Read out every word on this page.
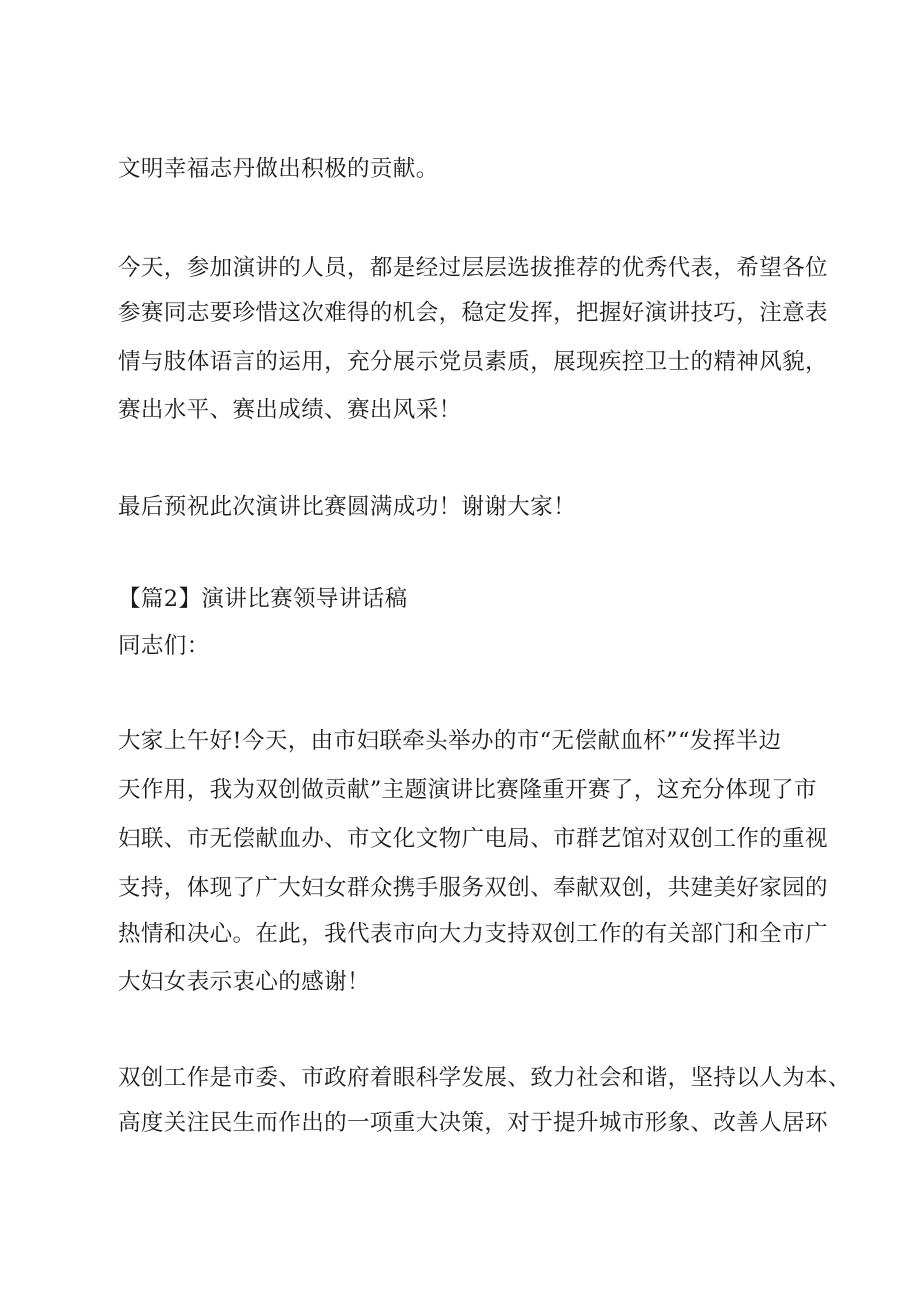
文明幸福志丹做出积极的贡献。
今天，参加演讲的人员，都是经过层层选拔推荐的优秀代表，希望各位
参赛同志要珍惜这次难得的机会，稳定发挥，把握好演讲技巧，注意表
情与肢体语言的运用，充分展示党员素质，展现疾控卫士的精神风貌，
赛出水平、赛出成绩、赛出风采！
最后预祝此次演讲比赛圆满成功！谢谢大家！
【篇2】演讲比赛领导讲话稿
同志们：
大家上午好!今天，由市妇联牵头举办的市“无偿献血杯”“发挥半边
天作用，我为双创做贡献”主题演讲比赛隆重开赛了，这充分体现了市
妇联、市无偿献血办、市文化文物广电局、市群艺馆对双创工作的重视
支持，体现了广大妇女群众携手服务双创、奉献双创，共建美好家园的
热情和决心。在此，我代表市向大力支持双创工作的有关部门和全市广
大妇女表示衷心的感谢！
双创工作是市委、市政府着眼科学发展、致力社会和谐，坚持以人为本、
高度关注民生而作出的一项重大决策，对于提升城市形象、改善人居环
